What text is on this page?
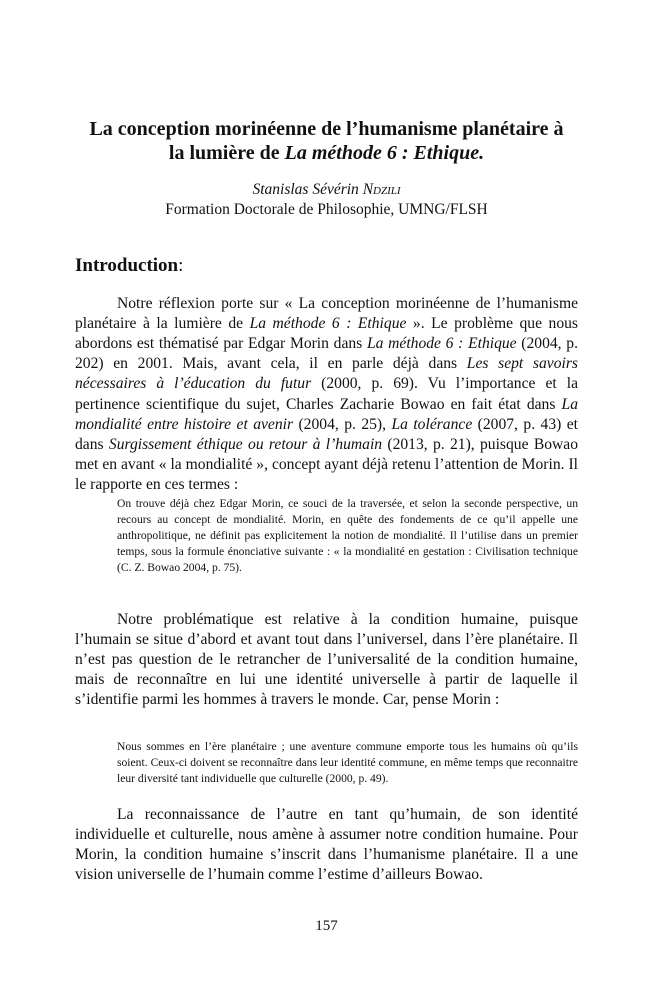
La conception morinéenne de l’humanisme planétaire à
la lumière de La méthode 6 : Ethique.
Stanislas Sévérin Ndzili
Formation Doctorale de Philosophie, UMNG/FLSH
Introduction:

Notre réflexion porte sur « La conception morinéenne de l’humanisme planétaire à la lumière de La méthode 6 : Ethique ». Le problème que nous abordons est thématisé par Edgar Morin dans La méthode 6 : Ethique (2004, p. 202) en 2001. Mais, avant cela, il en parle déjà dans Les sept savoirs nécessaires à l’éducation du futur (2000, p. 69). Vu l’importance et la pertinence scientifique du sujet, Charles Zacharie Bowao en fait état dans La mondialité entre histoire et avenir (2004, p. 25), La tolérance (2007, p. 43) et dans Surgissement éthique ou retour à l’humain (2013, p. 21), puisque Bowao met en avant « la mondialité », concept ayant déjà retenu l’attention de Morin. Il le rapporte en ces termes :

On trouve déjà chez Edgar Morin, ce souci de la traversée, et selon la seconde perspective, un recours au concept de mondialité. Morin, en quête des fondements de ce qu’il appelle une anthropolitique, ne définit pas explicitement la notion de mondialité. Il l’utilise dans un premier temps, sous la formule énonciative suivante : « la mondialité en gestation : Civilisation technique (C. Z. Bowao 2004, p. 75).

Notre problématique est relative à la condition humaine, puisque l’humain se situe d’abord et avant tout dans l’universel, dans l’ère planétaire. Il n’est pas question de le retrancher de l’universalité de la condition humaine, mais de reconnaître en lui une identité universelle à partir de laquelle il s’identifie parmi les hommes à travers le monde. Car, pense Morin :

Nous sommes en l’ère planétaire ; une aventure commune emporte tous les humains où qu’ils soient. Ceux-ci doivent se reconnaître dans leur identité commune, en même temps que reconnaitre leur diversité tant individuelle que culturelle (2000, p. 49).

La reconnaissance de l’autre en tant qu’humain, de son identité individuelle et culturelle, nous amène à assumer notre condition humaine. Pour Morin, la condition humaine s’inscrit dans l’humanisme planétaire. Il a une vision universelle de l’humain comme l’estime d’ailleurs Bowao.

157
